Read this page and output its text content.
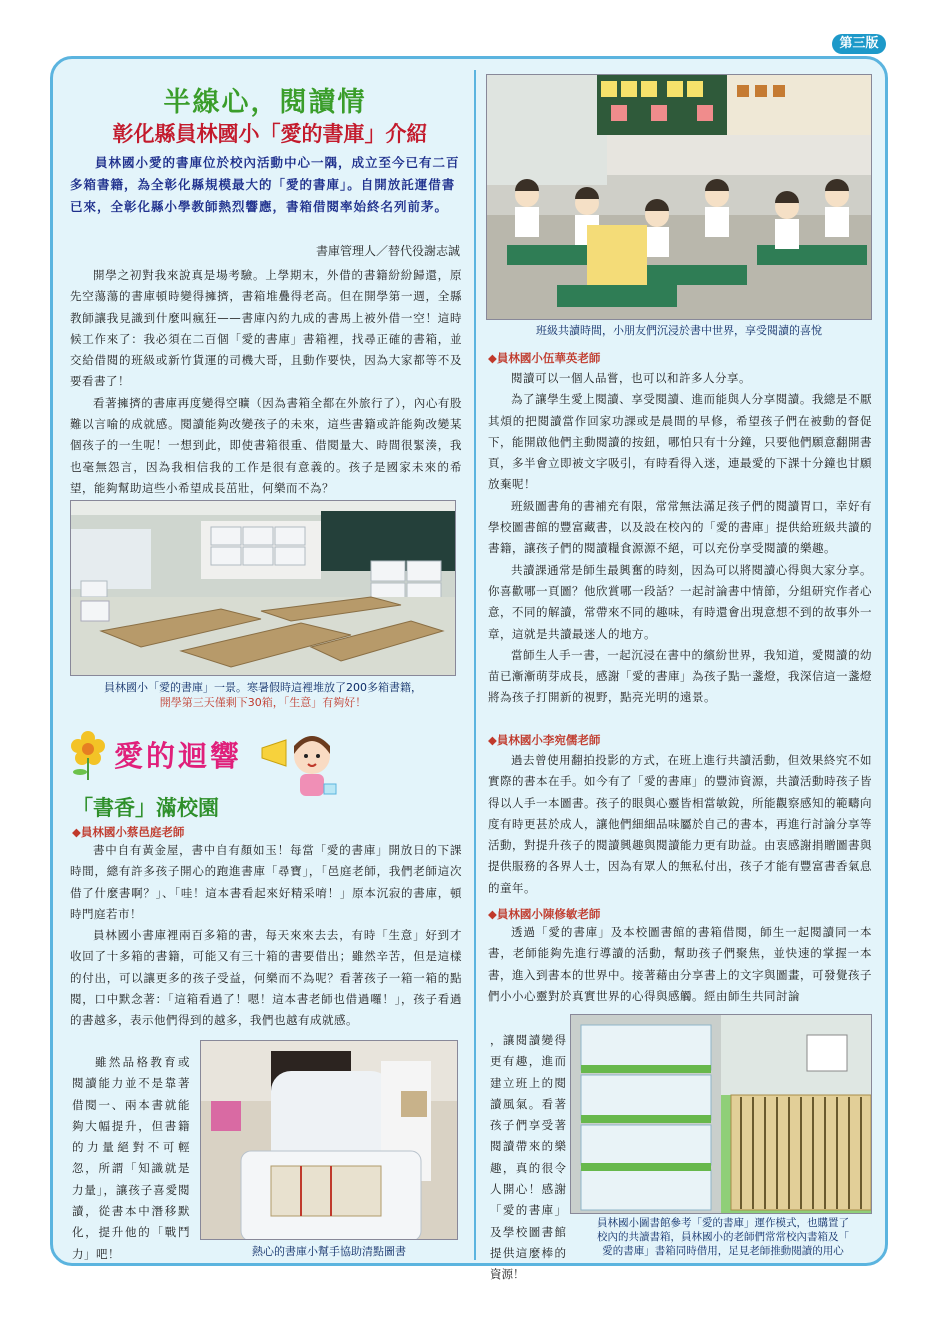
第三版
半線心，閱讀情
彰化縣員林國小「愛的書庫」介紹
員林國小愛的書庫位於校內活動中心一隅，成立至今已有二百多箱書籍，為全彰化縣規模最大的「愛的書庫」。自開放託運借書已來，全彰化縣小學教師熱烈響應，書箱借閱率始終名列前茅。
書庫管理人／替代役謝志誠

開學之初對我來說真是場考驗。上學期末，外借的書籍紛紛歸還，原先空蕩蕩的書庫頓時變得擁擠，書箱堆疊得老高。但在開學第一週，全縣教師讓我見識到什麼叫瘋狂——書庫內約九成的書馬上被外借一空！這時候工作來了：我必須在二百個「愛的書庫」書箱裡，找尋正確的書箱，並交給借閱的班級或新竹貨運的司機大哥，且動作要快，因為大家都等不及要看書了！

看著擁擠的書庫再度變得空曠（因為書箱全都在外旅行了），內心有股難以言喻的成就感。閱讀能夠改變孩子的未來，這些書籍或許能夠改變某個孩子的一生呢！一想到此，即使書箱很重、借閱量大、時間很緊湊，我也毫無怨言，因為我相信我的工作是很有意義的。孩子是國家未來的希望，能夠幫助這些小希望成長茁壯，何樂而不為？

員林國小「愛的書庫」一景。寒暑假時這裡堆放了200多箱書籍，
開學第三天僅剩下30箱，「生意」有夠好！
愛的迴響
「書香」滿校園
◆員林國小蔡邑庭老師

書中自有黃金屋，書中自有顏如玉！每當「愛的書庫」開放日的下課時間，總有許多孩子開心的跑進書庫「尋寶」，「邑庭老師，我們老師這次借了什麼書啊？」、「哇！這本書看起來好精采唷！」原本沉寂的書庫，頓時門庭若市！

員林國小書庫裡兩百多箱的書，每天來來去去，有時「生意」好到才收回了十多箱的書籍，可能又有三十箱的書要借出；雖然辛苦，但是這樣的付出，可以讓更多的孩子受益，何樂而不為呢？看著孩子一箱一箱的點閱，口中默念著：「這箱看過了！嗯！這本書老師也借過囉！」，孩子看過的書越多，表示他們得到的越多，我們也越有成就感。

雖然品格教育或閱讀能力並不是靠著借閱一、兩本書就能夠大幅提升，但書籍的力量絕對不可輕忽，所謂「知識就是力量」，讓孩子喜愛閱讀，從書本中潛移默化，提升他的「戰鬥力」吧！	熱心的書庫小幫手協助清點圖書
班級共讀時間，小朋友們沉浸於書中世界，享受閱讀的喜悅
◆員林國小伍華英老師

閱讀可以一個人品嘗，也可以和許多人分享。

為了讓學生愛上閱讀、享受閱讀、進而能與人分享閱讀。我總是不厭其煩的把閱讀當作回家功課或是晨間的早修，希望孩子們在被動的督促下，能開啟他們主動閱讀的按鈕，哪怕只有十分鐘，只要他們願意翻開書頁，多半會立即被文字吸引，有時看得入迷，連最愛的下課十分鐘也甘願放棄呢！

班級圖書角的書補充有限，常常無法滿足孩子們的閱讀胃口，幸好有學校圖書館的豐富藏書，以及設在校內的「愛的書庫」提供給班級共讀的書籍，讓孩子們的閱讀糧食源源不絕，可以充份享受閱讀的樂趣。

共讀課通常是師生最興奮的時刻，因為可以將閱讀心得與大家分享。你喜歡哪一頁圖？他欣賞哪一段話？一起討論書中情節，分組研究作者心意，不同的解讀，常帶來不同的趣味，有時還會出現意想不到的故事外一章，這就是共讀最迷人的地方。

當師生人手一書，一起沉浸在書中的繽紛世界，我知道，愛閱讀的幼苗已漸漸萌芽成長，感謝「愛的書庫」為孩子點一盞燈，我深信這一盞燈將為孩子打開新的視野，點亮光明的遠景。

◆員林國小李宛儒老師

過去曾使用翻拍投影的方式，在班上進行共讀活動，但效果終究不如實際的書本在手。如今有了「愛的書庫」的豐沛資源，共讀活動時孩子皆得以人手一本圖書。孩子的眼與心靈皆相當敏銳，所能觀察感知的範疇向度有時更甚於成人，讓他們細細品味屬於自己的書本，再進行討論分享等活動，對提升孩子的閱讀興趣與閱讀能力更有助益。由衷感謝捐贈圖書與提供服務的各界人士，因為有眾人的無私付出，孩子才能有豐富書香氣息的童年。

◆員林國小陳修敏老師

透過「愛的書庫」及本校圖書館的書箱借閱，師生一起閱讀同一本書，老師能夠先進行導讀的活動，幫助孩子們聚焦，並快速的掌握一本書，進入到書本的世界中。接著藉由分享書上的文字與圖畫，可發覺孩子們小小心靈對於真實世界的心得與感觸。經由師生共同討論

，讓閱讀變得更有趣，進而建立班上的閱讀風氣。看著孩子們享受著閱讀帶來的樂趣，真的很令人開心！感謝「愛的書庫」及學校圖書館提供這麼棒的資源！
員林國小圖書館參考「愛的書庫」運作模式，也購置了
校內的共讀書箱，員林國小的老師們常常校內書箱及「
愛的書庫」書箱同時借用，足見老師推動閱讀的用心
